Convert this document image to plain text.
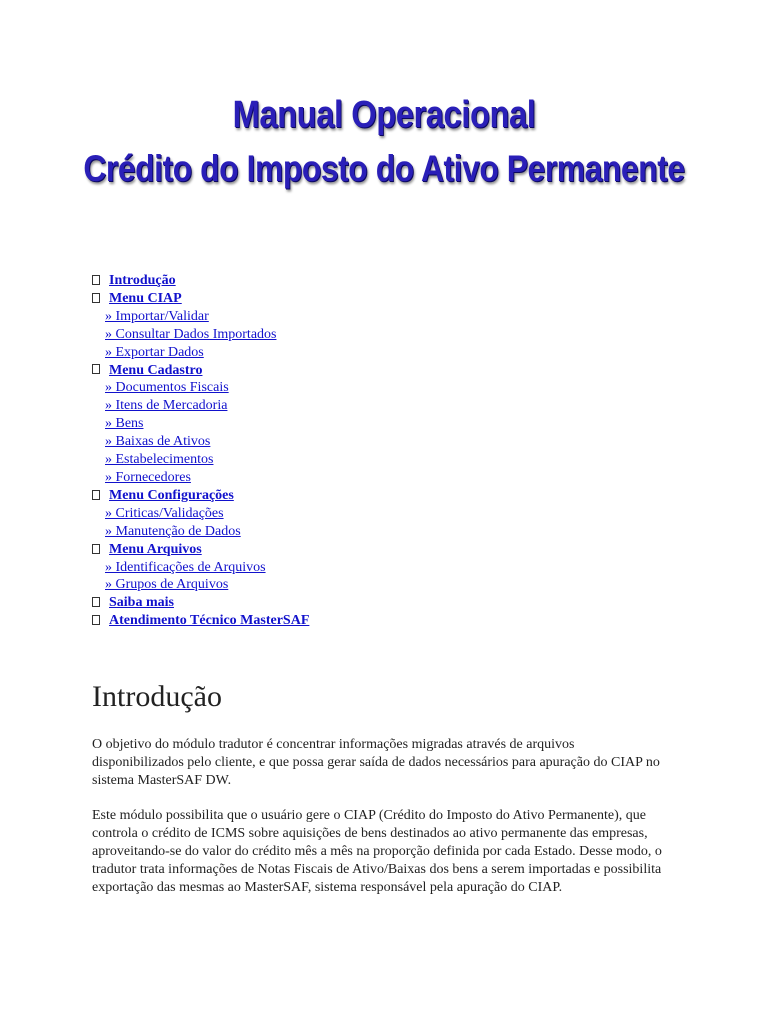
Manual Operacional
Crédito do Imposto do Ativo Permanente
Introdução
Menu CIAP
» Importar/Validar
» Consultar Dados Importados
» Exportar Dados
Menu Cadastro
» Documentos Fiscais
» Itens de Mercadoria
» Bens
» Baixas de Ativos
» Estabelecimentos
» Fornecedores
Menu Configurações
» Criticas/Validações
» Manutenção de Dados
Menu Arquivos
» Identificações de Arquivos
» Grupos de Arquivos
Saiba mais
Atendimento Técnico MasterSAF
Introdução

O objetivo do módulo tradutor é concentrar informações migradas através de arquivos disponibilizados pelo cliente, e que possa gerar saída de dados necessários para apuração do CIAP no sistema MasterSAF DW.

Este módulo possibilita que o usuário gere o CIAP (Crédito do Imposto do Ativo Permanente), que controla o crédito de ICMS sobre aquisições de bens destinados ao ativo permanente das empresas, aproveitando-se do valor do crédito mês a mês na proporção definida por cada Estado. Desse modo, o tradutor trata informações de Notas Fiscais de Ativo/Baixas dos bens a serem importadas e possibilita exportação das mesmas ao MasterSAF, sistema responsável pela apuração do CIAP.
